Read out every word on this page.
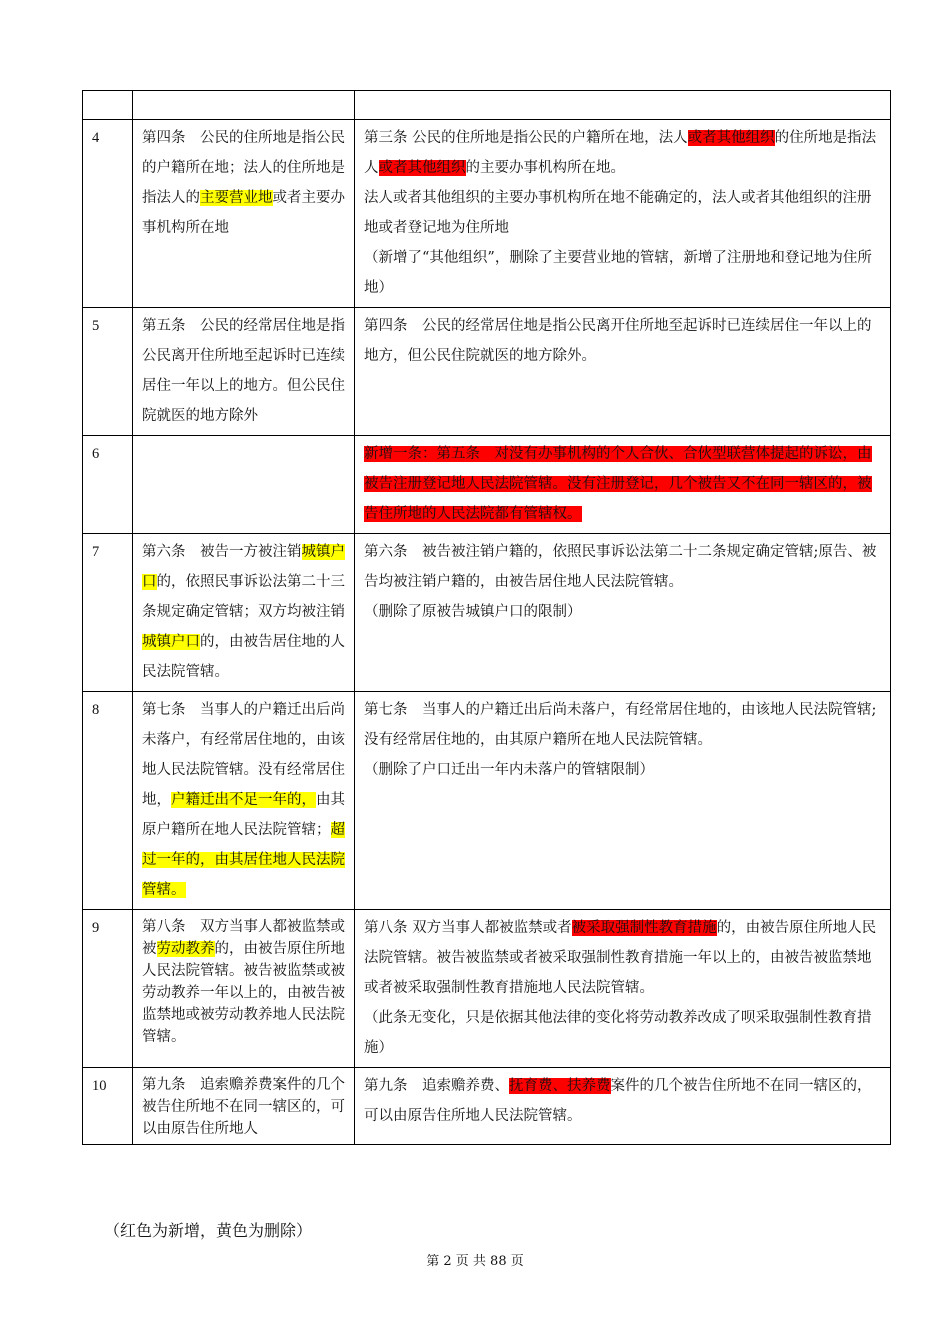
4	第四条　公民的住所地是指公民的户籍所在地；法人的住所地是指法人的主要营业地或者主要办事机构所在地	第三条 公民的住所地是指公民的户籍所在地，法人或者其他组织的住所地是指法人或者其他组织的主要办事机构所在地。
法人或者其他组织的主要办事机构所在地不能确定的，法人或者其他组织的注册地或者登记地为住所地
（新增了“其他组织”，删除了主要营业地的管辖，新增了注册地和登记地为住所地）

5	第五条　公民的经常居住地是指公民离开住所地至起诉时已连续居住一年以上的地方。但公民住院就医的地方除外	第四条　公民的经常居住地是指公民离开住所地至起诉时已连续居住一年以上的地方，但公民住院就医的地方除外。

6		新增一条：第五条　对没有办事机构的个人合伙、合伙型联营体提起的诉讼，由被告注册登记地人民法院管辖。没有注册登记，几个被告又不在同一辖区的，被告住所地的人民法院都有管辖权。

7	第六条　被告一方被注销城镇户口的，依照民事诉讼法第二十三条规定确定管辖；双方均被注销城镇户口的，由被告居住地的人民法院管辖。	第六条　被告被注销户籍的，依照民事诉讼法第二十二条规定确定管辖;原告、被告均被注销户籍的，由被告居住地人民法院管辖。
（删除了原被告城镇户口的限制）

8	第七条　当事人的户籍迁出后尚未落户，有经常居住地的，由该地人民法院管辖。没有经常居住地，户籍迁出不足一年的，由其原户籍所在地人民法院管辖；超过一年的，由其居住地人民法院管辖。	第七条　当事人的户籍迁出后尚未落户，有经常居住地的，由该地人民法院管辖;没有经常居住地的，由其原户籍所在地人民法院管辖。
（删除了户口迁出一年内未落户的管辖限制）

9	第八条　双方当事人都被监禁或被劳动教养的，由被告原住所地人民法院管辖。被告被监禁或被劳动教养一年以上的，由被告被监禁地或被劳动教养地人民法院管辖。	第八条 双方当事人都被监禁或者被采取强制性教育措施的，由被告原住所地人民法院管辖。被告被监禁或者被采取强制性教育措施一年以上的，由被告被监禁地或者被采取强制性教育措施地人民法院管辖。
（此条无变化，只是依据其他法律的变化将劳动教养改成了呗采取强制性教育措施）

10	第九条　追索赡养费案件的几个被告住所地不在同一辖区的，可以由原告住所地人	第九条　追索赡养费、抚育费、扶养费案件的几个被告住所地不在同一辖区的，可以由原告住所地人民法院管辖。
（红色为新增，黄色为删除）
第 2 页 共 88 页
